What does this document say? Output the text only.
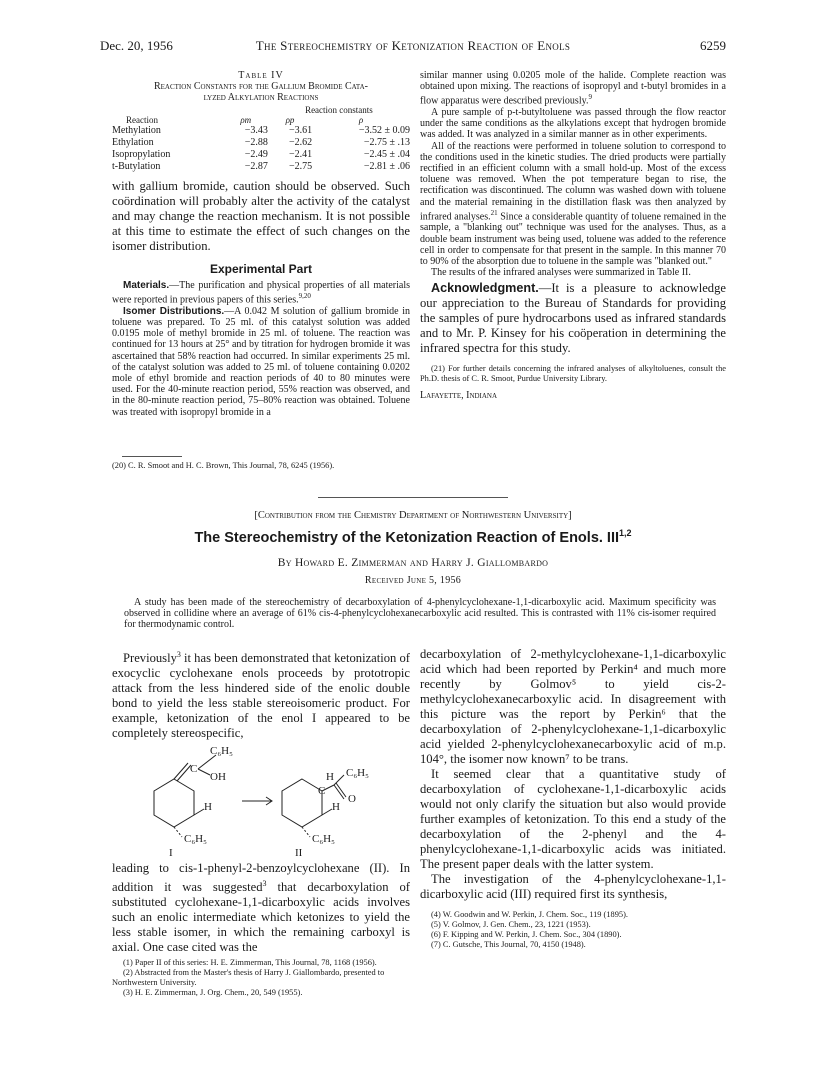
Dec. 20, 1956	The Stereochemistry of Ketonization Reaction of Enols	6259
Table IV
Reaction Constants for the Gallium Bromide Cata-
lyzed Alkylation Reactions
		Reaction constants	
Reaction	ρm	ρp	ρ
Methylation	−3.43	−3.61	−3.52 ± 0.09
Ethylation	−2.88	−2.62	−2.75 ± .13
Isopropylation	−2.49	−2.41	−2.45 ± .04
t-Butylation	−2.87	−2.75	−2.81 ± .06
with gallium bromide, caution should be observed. Such coördination will probably alter the activity of the catalyst and may change the reaction mechanism. It is not possible at this time to estimate the effect of such changes on the isomer distribution.
Experimental Part
Materials.—The purification and physical properties of all materials were reported in previous papers of this series.$^{9,20}$
Isomer Distributions.—A 0.042 M solution of gallium bromide in toluene was prepared. To 25 ml. of this catalyst solution was added 0.0195 mole of methyl bromide in 25 ml. of toluene. The reaction was continued for 13 hours at 25° and by titration for hydrogen bromide it was ascertained that 58% reaction had occurred. In similar experiments 25 ml. of the catalyst solution was added to 25 ml. of toluene containing 0.0202 mole of ethyl bromide and reaction periods of 40 to 80 minutes were used. For the 40-minute reaction period, 55% reaction was observed, and in the 80-minute reaction period, 75–80% reaction was obtained. Toluene was treated with isopropyl bromide in a
(20) C. R. Smoot and H. C. Brown, This Journal, 78, 6245 (1956).

similar manner using 0.0205 mole of the halide. Complete reaction was obtained upon mixing. The reactions of isopropyl and t-butyl bromides in a flow apparatus were described previously.$^9$

A pure sample of p-t-butyltoluene was passed through the flow reactor under the same conditions as the alkylations except that hydrogen bromide was added. It was analyzed in a similar manner as in other experiments.

All of the reactions were performed in toluene solution to correspond to the conditions used in the kinetic studies. The dried products were partially rectified in an efficient column with a small hold-up. Most of the excess toluene was removed. When the pot temperature began to rise, the rectification was discontinued. The column was washed down with toluene and the material remaining in the distillation flask was then analyzed by infrared analyses.$^{21}$ Since a considerable quantity of toluene remained in the sample, a "blanking out" technique was used for the analyses. Thus, as a double beam instrument was being used, toluene was added to the reference cell in order to compensate for that present in the sample. In this manner 70 to 90% of the absorption due to toluene in the sample was "blanked out."

The results of the infrared analyses were summarized in Table II.

Acknowledgment.—It is a pleasure to acknowledge our appreciation to the Bureau of Standards for providing the samples of pure hydrocarbons used as infrared standards and to Mr. P. Kinsey for his coöperation in determining the infrared spectra for this study.
(21) For further details concerning the infrared analyses of alkyltoluenes, consult the Ph.D. thesis of C. R. Smoot, Purdue University Library.
Lafayette, Indiana
[Contribution from the Chemistry Department of Northwestern University]
The Stereochemistry of the Ketonization Reaction of Enols. III$^{1,2}$
By Howard E. Zimmerman and Harry J. Giallombardo
Received June 5, 1956
A study has been made of the stereochemistry of decarboxylation of 4-phenylcyclohexane-1,1-dicarboxylic acid. Maximum specificity was observed in collidine where an average of 61% cis-4-phenylcyclohexanecarboxylic acid resulted. This is contrasted with 11% cis-isomer required for thermodynamic control.
Previously$^3$ it has been demonstrated that ketonization of exocyclic cyclohexane enols proceeds by prototropic attack from the less hindered side of the enolic double bond to yield the less stable stereoisomeric product. For example, ketonization of the enol I appeared to be completely stereospecific,
C₆H₅
C
OH
H
C₆H₅
I
H C₆H₅
C
O
H
C₆H₅
II
leading to cis-1-phenyl-2-benzoylcyclohexane (II). In addition it was suggested$^3$ that decarboxylation of substituted cyclohexane-1,1-dicarboxylic acids involves such an enolic intermediate which ketonizes to yield the less stable isomer, in which the remaining carboxyl is axial. One case cited was the

(1) Paper II of this series: H. E. Zimmerman, This Journal, 78, 1168 (1956).

(2) Abstracted from the Master's thesis of Harry J. Giallombardo, presented to Northwestern University.

(3) H. E. Zimmerman, J. Org. Chem., 20, 549 (1955).

decarboxylation of 2-methylcyclohexane-1,1-dicarboxylic acid which had been reported by Perkin⁴ and much more recently by Golmov⁵ to yield cis-2-methylcyclohexanecarboxylic acid. In disagreement with this picture was the report by Perkin⁶ that the decarboxylation of 2-phenylcyclohexane-1,1-dicarboxylic acid yielded 2-phenylcyclohexanecarboxylic acid of m.p. 104°, the isomer now known⁷ to be trans.
It seemed clear that a quantitative study of decarboxylation of cyclohexane-1,1-dicarboxylic acids would not only clarify the situation but also would provide further examples of ketonization. To this end a study of the decarboxylation of the 2-phenyl and the 4-phenylcyclohexane-1,1-dicarboxylic acids was initiated. The present paper deals with the latter system.
The investigation of the 4-phenylcyclohexane-1,1-dicarboxylic acid (III) required first its synthesis,

(4) W. Goodwin and W. Perkin, J. Chem. Soc., 119 (1895).

(5) V. Golmov, J. Gen. Chem., 23, 1221 (1953).

(6) F. Kipping and W. Perkin, J. Chem. Soc., 304 (1890).

(7) C. Gutsche, This Journal, 70, 4150 (1948).
